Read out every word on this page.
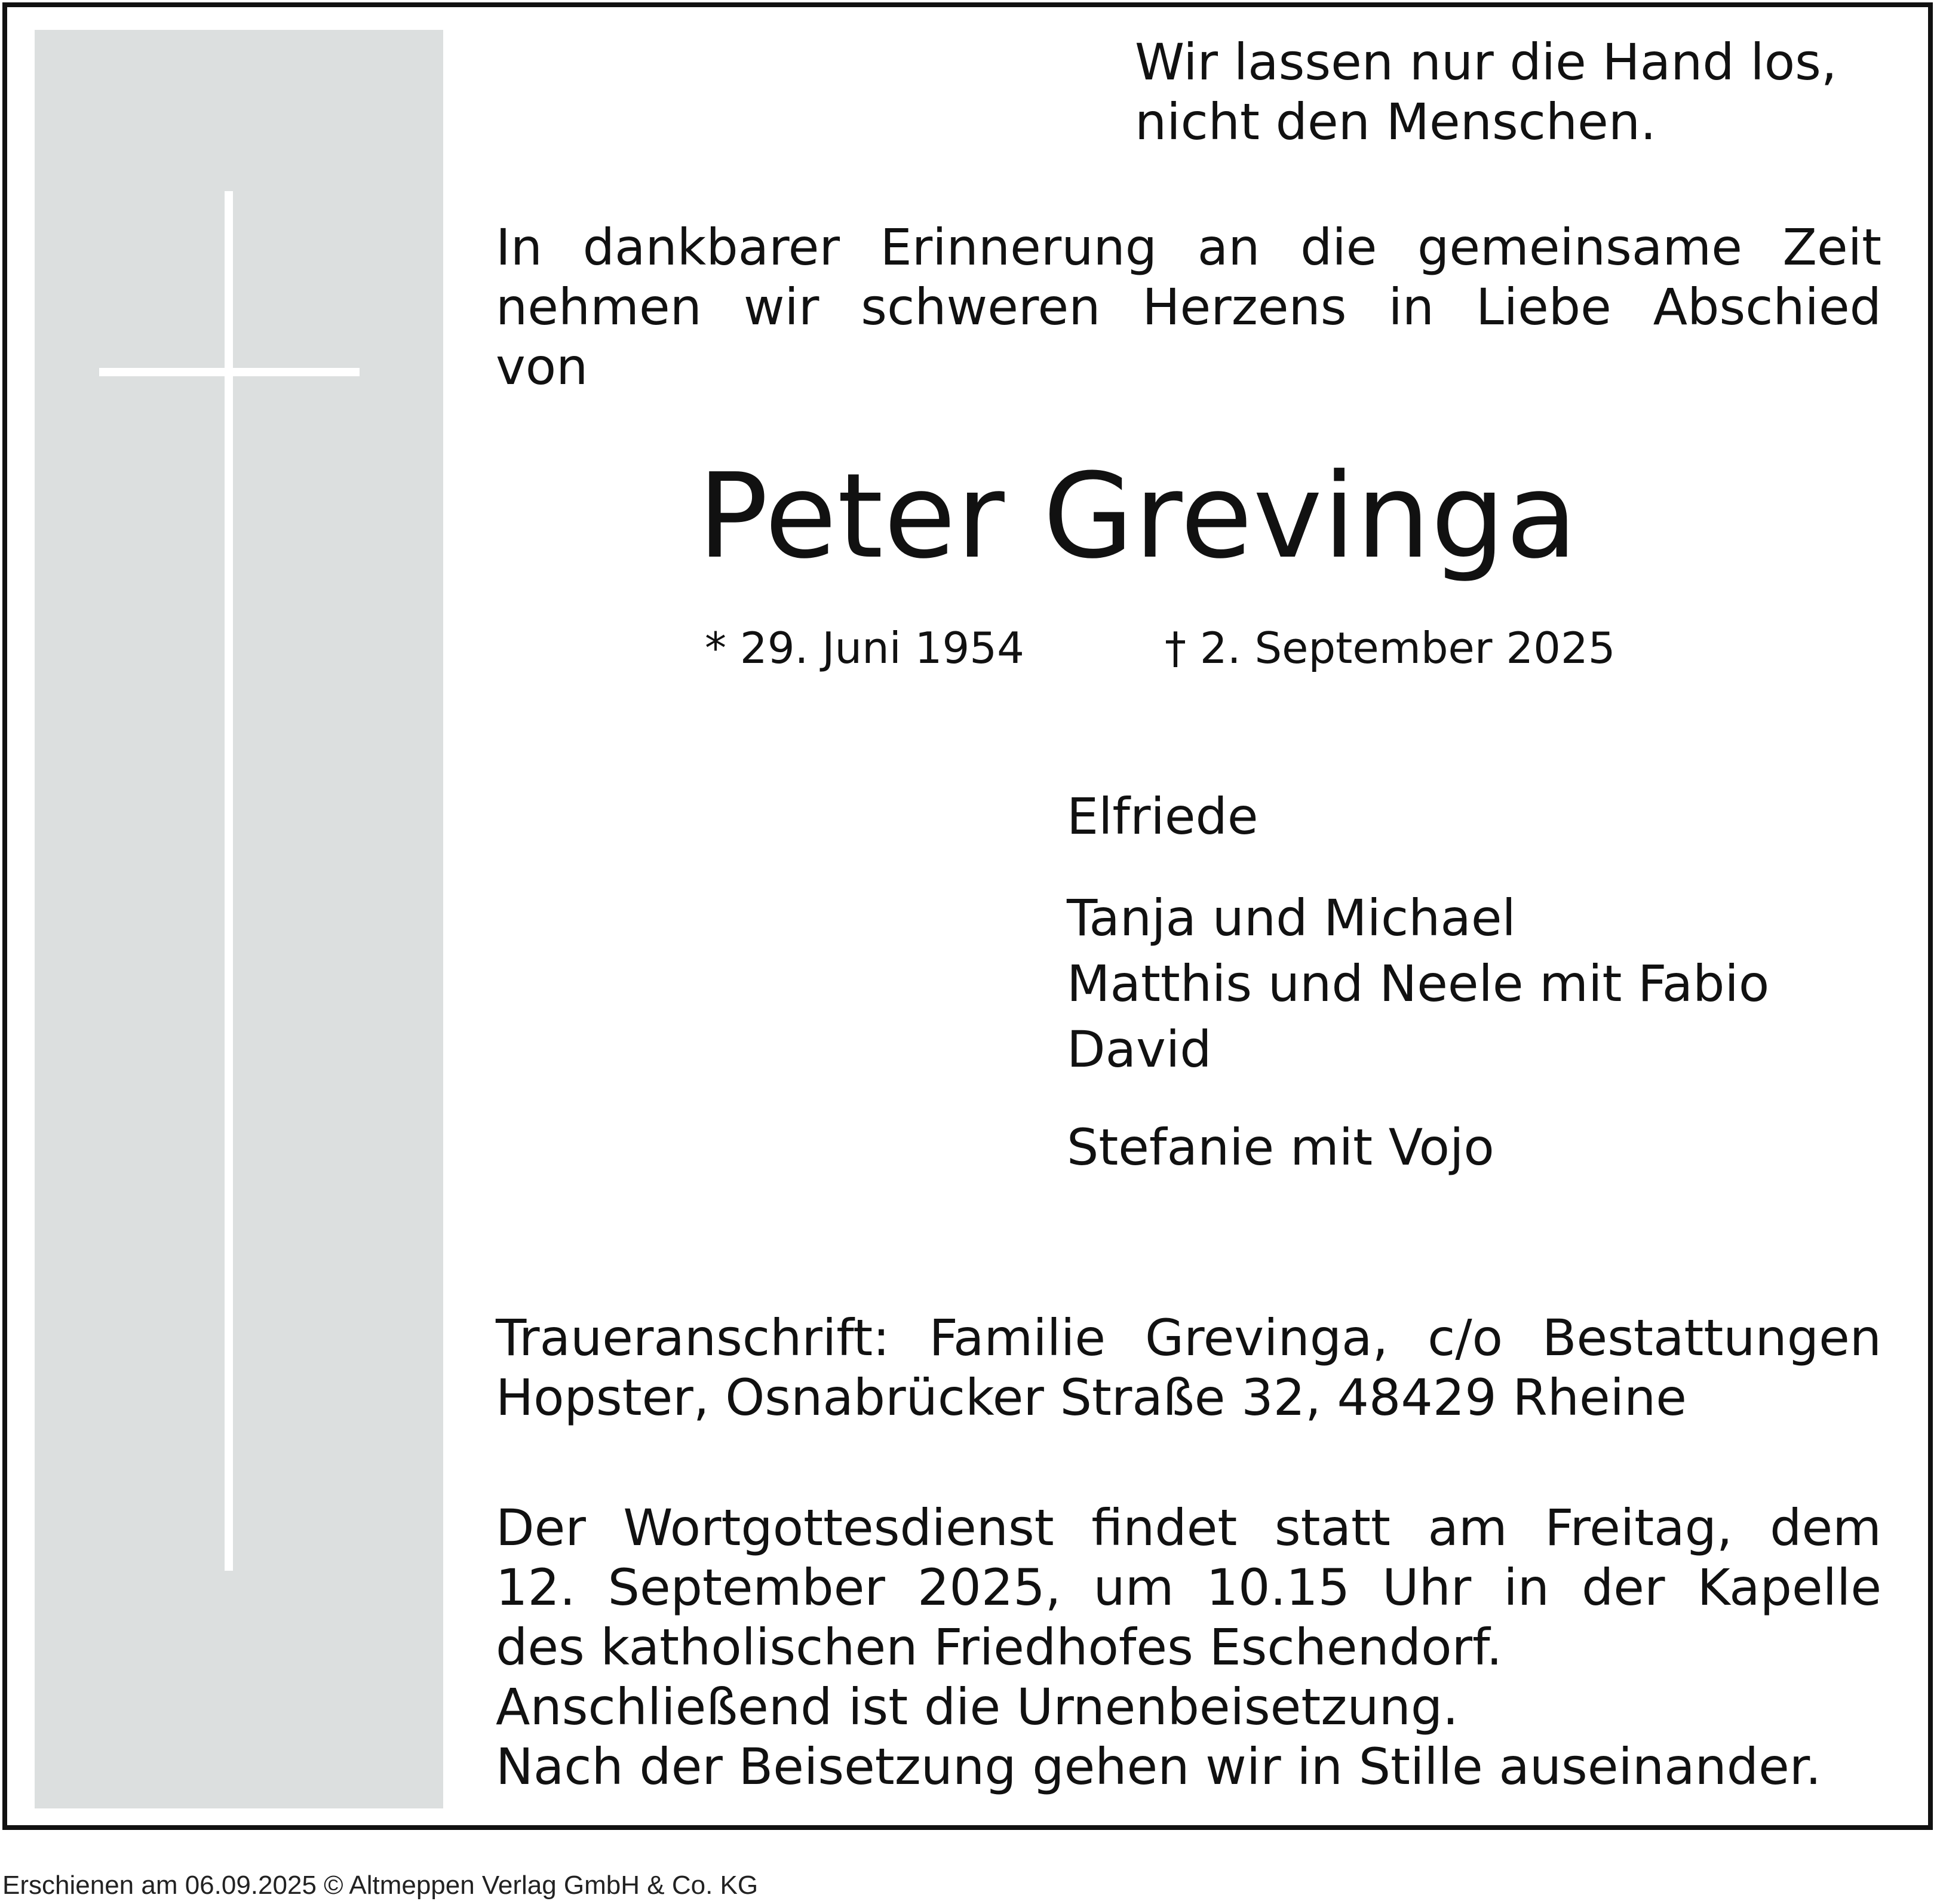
Wir lassen nur die Hand los,
nicht den Menschen.
In dankbarer Erinnerung an die gemeinsame Zeit
nehmen wir schweren Herzens in Liebe Abschied
von
Peter Grevinga
* 29. Juni 1954	† 2. September 2025
Elfriede
Tanja und Michael
Matthis und Neele mit Fabio
David
Stefanie mit Vojo
Traueranschrift: Familie Grevinga, c/o Bestattungen
Hopster, Osnabrücker Straße 32, 48429 Rheine
Der Wortgottesdienst findet statt am Freitag, dem
12. September 2025, um 10.15 Uhr in der Kapelle
des katholischen Friedhofes Eschendorf.
Anschließend ist die Urnenbeisetzung.
Nach der Beisetzung gehen wir in Stille auseinander.
Erschienen am 06.09.2025 © Altmeppen Verlag GmbH & Co. KG
